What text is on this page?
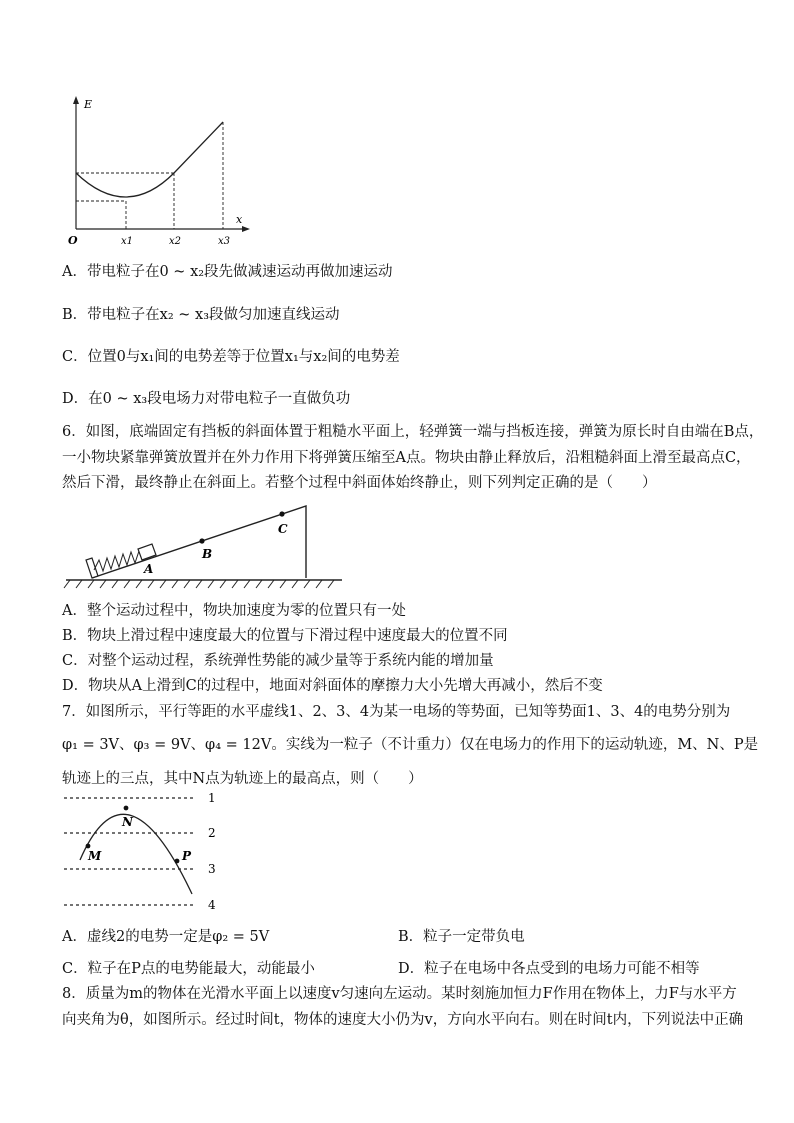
E
x
O	x1	x2	x3
A．带电粒子在0 ~ x₂段先做减速运动再做加速运动
B．带电粒子在x₂ ~ x₃段做匀加速直线运动
C．位置0与x₁间的电势差等于位置x₁与x₂间的电势差
D．在0 ~ x₃段电场力对带电粒子一直做负功
6．如图，底端固定有挡板的斜面体置于粗糙水平面上，轻弹簧一端与挡板连接，弹簧为原长时自由端在B点，
一小物块紧靠弹簧放置并在外力作用下将弹簧压缩至A点。物块由静止释放后，沿粗糙斜面上滑至最高点C，
然后下滑，最终静止在斜面上。若整个过程中斜面体始终静止，则下列判定正确的是（　　）
A
B
C
A．整个运动过程中，物块加速度为零的位置只有一处
B．物块上滑过程中速度最大的位置与下滑过程中速度最大的位置不同
C．对整个运动过程，系统弹性势能的减少量等于系统内能的增加量
D．物块从A上滑到C的过程中，地面对斜面体的摩擦力大小先增大再减小，然后不变
7．如图所示，平行等距的水平虚线1、2、3、4为某一电场的等势面，已知等势面1、3、4的电势分别为
φ₁ = 3V、φ₃ = 9V、φ₄ = 12V。实线为一粒子（不计重力）仅在电场力的作用下的运动轨迹，M、N、P是
轨迹上的三点，其中N点为轨迹上的最高点，则（　　）
1
2
3
4
M
N
P
A．虚线2的电势一定是φ₂ = 5V	B．粒子一定带负电
C．粒子在P点的电势能最大，动能最小	D．粒子在电场中各点受到的电场力可能不相等
8．质量为m的物体在光滑水平面上以速度v匀速向左运动。某时刻施加恒力F作用在物体上，力F与水平方
向夹角为θ，如图所示。经过时间t，物体的速度大小仍为v，方向水平向右。则在时间t内，下列说法中正确
